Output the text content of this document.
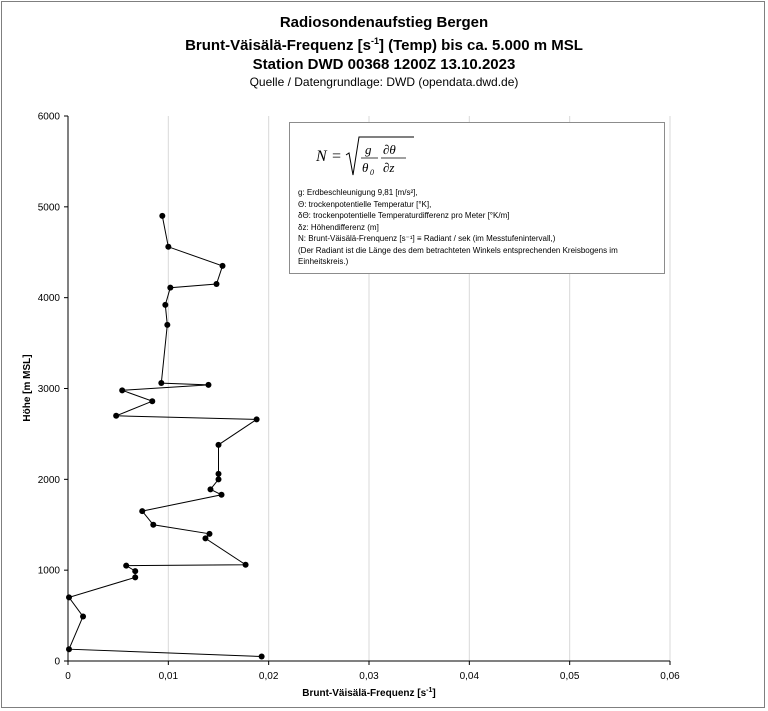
Radiosondenaufstieg Bergen
Brunt-Väisälä-Frequenz $[s^{-1}]$ (Temp) bis ca. 5.000 m MSL
Station DWD 00368 1200Z 13.10.2023
Quelle / Datengrundlage: DWD (opendata.dwd.de)
0	0,01	0,02	0,03	0,04	0,05	0,06
0
1000
2000
3000
4000
5000
6000
Brunt-Väisälä-Frequenz $[s^{-1}]$
Höhe [m MSL]
N = g
θ 0
∂θ
∂z
g: Erdbeschleunigung 9,81 [m/s²],
Θ: trockenpotentielle Temperatur [°K],
δΘ: trockenpotentielle Temperaturdifferenz pro Meter [°K/m]
δz: Höhendifferenz (m]
N: Brunt-Väisälä-Frenquenz [s⁻¹] ≡ Radiant / sek (im Messtufenintervall,)
(Der Radiant ist die Länge des dem betrachteten Winkels entsprechenden Kreisbogens im Einheitskreis.)
